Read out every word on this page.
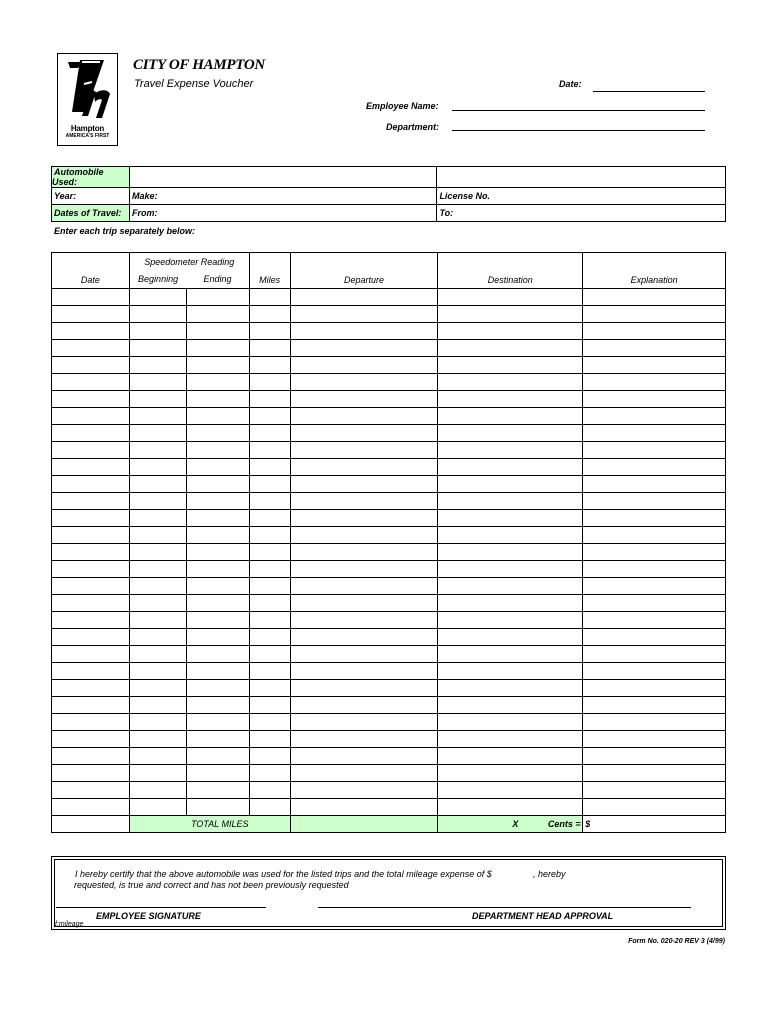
Hampton
AMERICA'S FIRST
CITY OF HAMPTON
Travel Expense Voucher	Date:
Employee Name:
Department:
Automobile Used:		
Year:	Make:	License No.
Dates of Travel:	From:	To:
Enter each trip separately below:
Date	Speedometer Reading		Miles	Departure	Destination	Explanation
	Beginning	Ending				

	TOTAL MILES				X Cents =	$
I hereby certify that the above automobile was used for the listed trips and the total mileage expense of $	, hereby
requested, is true and correct and has not been previously requested
EMPLOYEE SIGNATURE	DEPARTMENT HEAD APPROVAL
f:mileage
Form No. 020-20 REV 3 (4/99)
